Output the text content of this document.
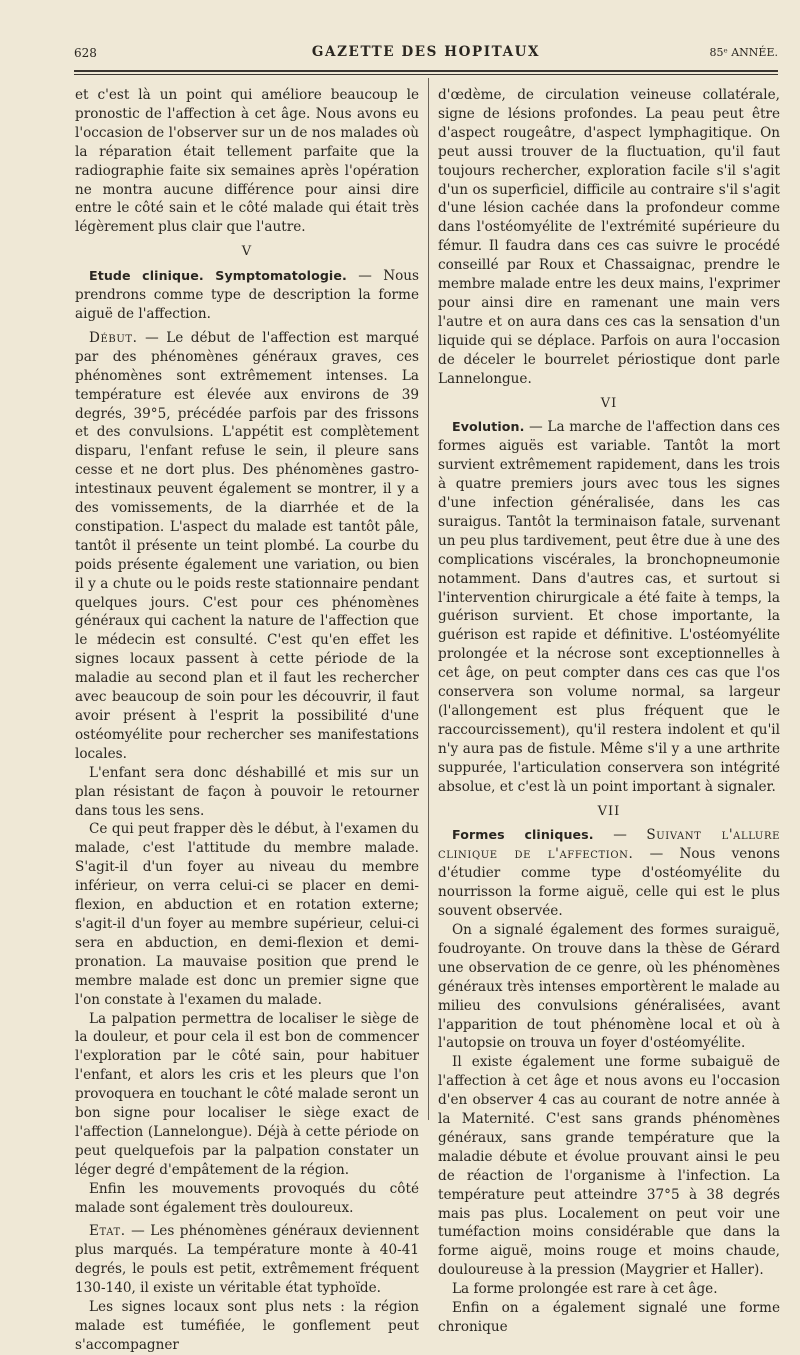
628	GAZETTE DES HOPITAUX	85ᵉ ANNÉE.

et c'est là un point qui améliore beaucoup le pronostic de l'affection à cet âge. Nous avons eu l'occasion de l'observer sur un de nos malades où la réparation était tellement parfaite que la radiographie faite six semaines après l'opération ne montra aucune différence pour ainsi dire entre le côté sain et le côté malade qui était très légèrement plus clair que l'autre.

V

Etude clinique. Symptomatologie. — Nous prendrons comme type de description la forme aiguë de l'affection.

Début. — Le début de l'affection est marqué par des phénomènes généraux graves, ces phénomènes sont extrêmement intenses. La température est élevée aux environs de 39 degrés, 39°5, précédée parfois par des frissons et des convulsions. L'appétit est complètement disparu, l'enfant refuse le sein, il pleure sans cesse et ne dort plus. Des phénomènes gastro-intestinaux peuvent également se montrer, il y a des vomissements, de la diarrhée et de la constipation. L'aspect du malade est tantôt pâle, tantôt il présente un teint plombé. La courbe du poids présente également une variation, ou bien il y a chute ou le poids reste stationnaire pendant quelques jours. C'est pour ces phénomènes généraux qui cachent la nature de l'affection que le médecin est consulté. C'est qu'en effet les signes locaux passent à cette période de la maladie au second plan et il faut les rechercher avec beaucoup de soin pour les découvrir, il faut avoir présent à l'esprit la possibilité d'une ostéomyélite pour rechercher ses manifestations locales.

L'enfant sera donc déshabillé et mis sur un plan résistant de façon à pouvoir le retourner dans tous les sens.

Ce qui peut frapper dès le début, à l'examen du malade, c'est l'attitude du membre malade. S'agit-il d'un foyer au niveau du membre inférieur, on verra celui-ci se placer en demi-flexion, en abduction et en rotation externe; s'agit-il d'un foyer au membre supérieur, celui-ci sera en abduction, en demi-flexion et demi-pronation. La mauvaise position que prend le membre malade est donc un premier signe que l'on constate à l'examen du malade.

La palpation permettra de localiser le siège de la douleur, et pour cela il est bon de commencer l'exploration par le côté sain, pour habituer l'enfant, et alors les cris et les pleurs que l'on provoquera en touchant le côté malade seront un bon signe pour localiser le siège exact de l'affection (Lannelongue). Déjà à cette période on peut quelquefois par la palpation constater un léger degré d'empâtement de la région.

Enfin les mouvements provoqués du côté malade sont également très douloureux.

Etat. — Les phénomènes généraux deviennent plus marqués. La température monte à 40-41 degrés, le pouls est petit, extrêmement fréquent 130-140, il existe un véritable état typhoïde.

Les signes locaux sont plus nets : la région malade est tuméfiée, le gonflement peut s'accompagner

d'œdème, de circulation veineuse collatérale, signe de lésions profondes. La peau peut être d'aspect rougeâtre, d'aspect lymphagitique. On peut aussi trouver de la fluctuation, qu'il faut toujours rechercher, exploration facile s'il s'agit d'un os superficiel, difficile au contraire s'il s'agit d'une lésion cachée dans la profondeur comme dans l'ostéomyélite de l'extrémité supérieure du fémur. Il faudra dans ces cas suivre le procédé conseillé par Roux et Chassaignac, prendre le membre malade entre les deux mains, l'exprimer pour ainsi dire en ramenant une main vers l'autre et on aura dans ces cas la sensation d'un liquide qui se déplace. Parfois on aura l'occasion de déceler le bourrelet périostique dont parle Lannelongue.

VI

Evolution. — La marche de l'affection dans ces formes aiguës est variable. Tantôt la mort survient extrêmement rapidement, dans les trois à quatre premiers jours avec tous les signes d'une infection généralisée, dans les cas suraigus. Tantôt la terminaison fatale, survenant un peu plus tardivement, peut être due à une des complications viscérales, la bronchopneumonie notamment. Dans d'autres cas, et surtout si l'intervention chirurgicale a été faite à temps, la guérison survient. Et chose importante, la guérison est rapide et définitive. L'ostéomyélite prolongée et la nécrose sont exceptionnelles à cet âge, on peut compter dans ces cas que l'os conservera son volume normal, sa largeur (l'allongement est plus fréquent que le raccourcissement), qu'il restera indolent et qu'il n'y aura pas de fistule. Même s'il y a une arthrite suppurée, l'articulation conservera son intégrité absolue, et c'est là un point important à signaler.

VII

Formes cliniques. — Suivant l'allure clinique de l'affection. — Nous venons d'étudier comme type d'ostéomyélite du nourrisson la forme aiguë, celle qui est le plus souvent observée.

On a signalé également des formes suraiguë, foudroyante. On trouve dans la thèse de Gérard une observation de ce genre, où les phénomènes généraux très intenses emportèrent le malade au milieu des convulsions généralisées, avant l'apparition de tout phénomène local et où à l'autopsie on trouva un foyer d'ostéomyélite.

Il existe également une forme subaiguë de l'affection à cet âge et nous avons eu l'occasion d'en observer 4 cas au courant de notre année à la Maternité. C'est sans grands phénomènes généraux, sans grande température que la maladie débute et évolue prouvant ainsi le peu de réaction de l'organisme à l'infection. La température peut atteindre 37°5 à 38 degrés mais pas plus. Localement on peut voir une tuméfaction moins considérable que dans la forme aiguë, moins rouge et moins chaude, douloureuse à la pression (Maygrier et Haller).

La forme prolongée est rare à cet âge.

Enfin on a également signalé une forme chronique
